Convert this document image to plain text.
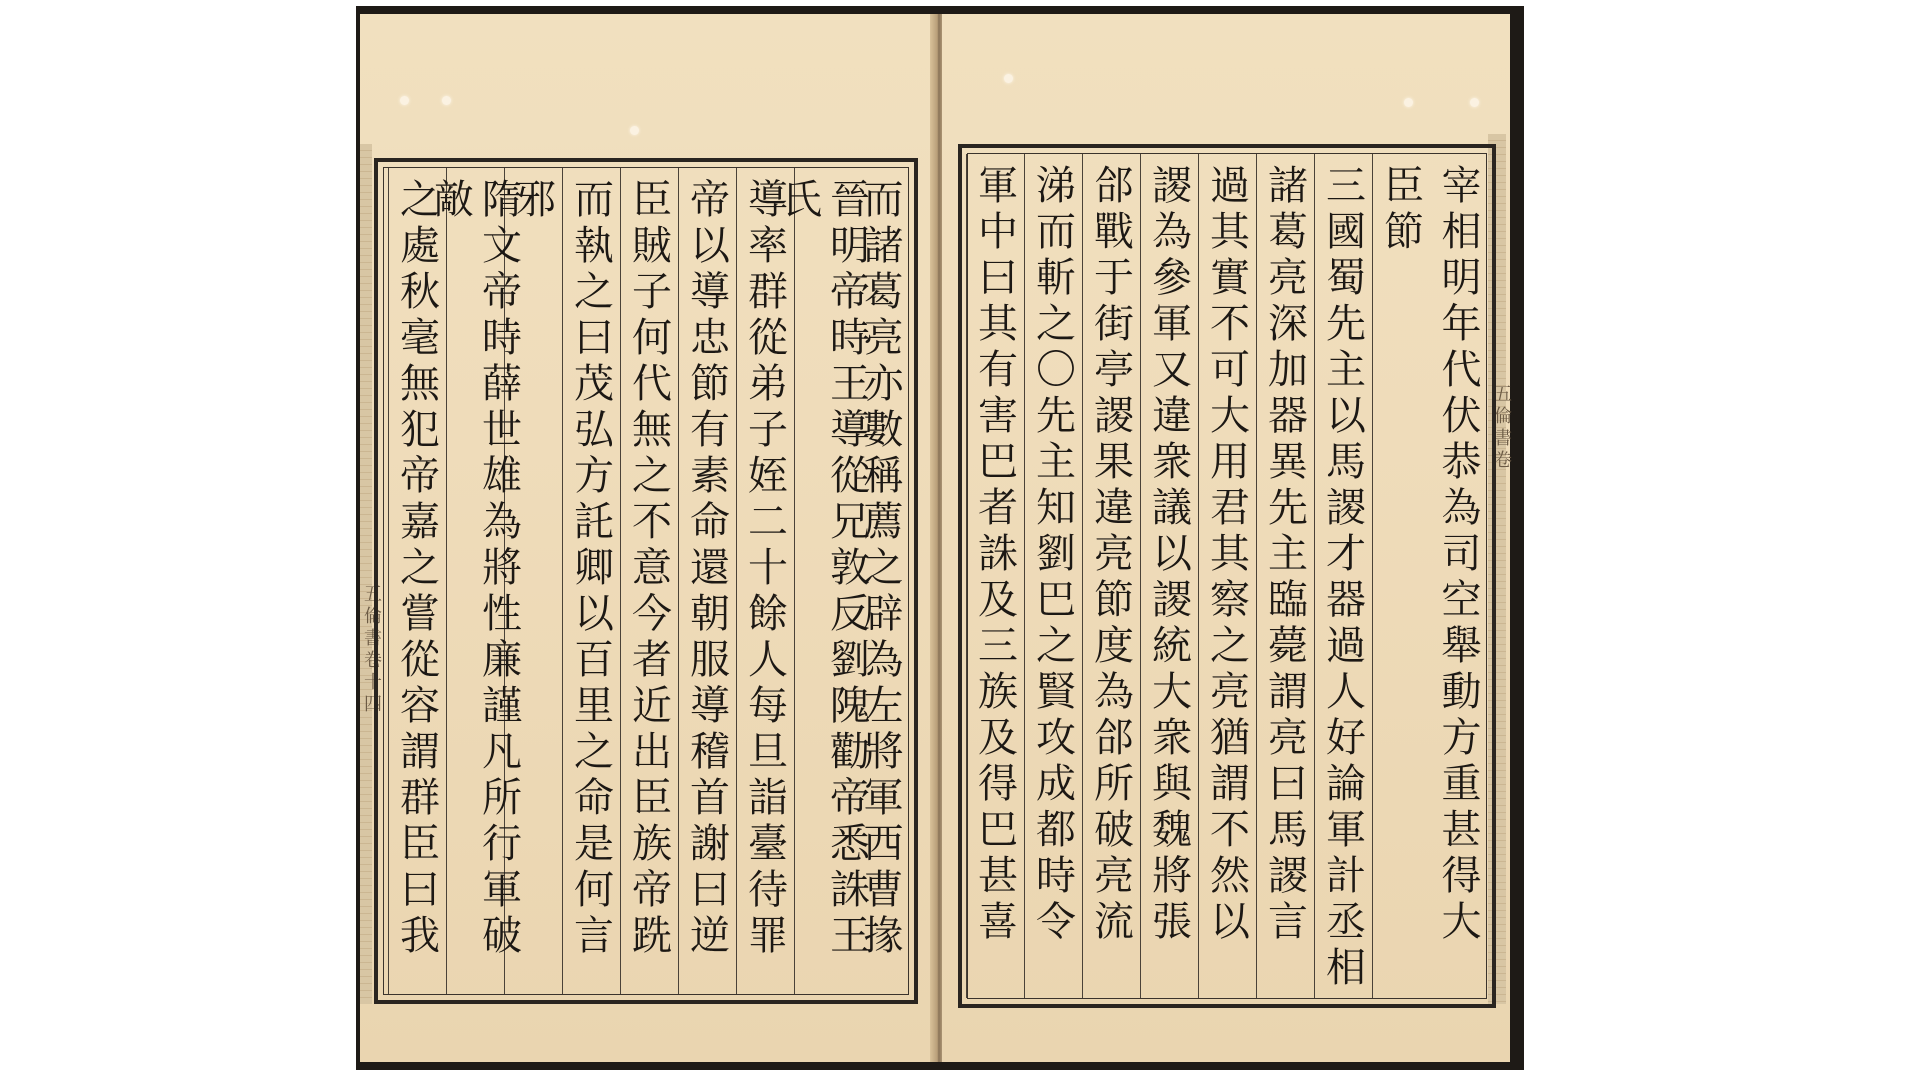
五倫書卷十四	而諸葛亮亦數稱薦之辟為左將軍西曹掾
晉明帝時王導從兄敦反劉隗勸帝悉誅王氏
導率群從弟子姪二十餘人每旦詣臺待罪
帝以導忠節有素命還朝服導稽首謝曰逆
臣賊子何代無之不意今者近出臣族帝跣
而執之曰茂弘方託卿以百里之命是何言
邪
隋文帝時薛世雄為將性廉謹凡所行軍破敵
之處秋毫無犯帝嘉之嘗從容謂群臣曰我	五倫書卷
宰相明年代伏恭為司空舉動方重甚得大
臣節
三國蜀先主以馬謖才器過人好論軍計丞相
諸葛亮深加器異先主臨薨謂亮曰馬謖言
過其實不可大用君其察之亮猶謂不然以
謖為參軍又違衆議以謖統大衆與魏將張
郃戰于街亭謖果違亮節度為郃所破亮流
涕而斬之〇先主知劉巴之賢攻成都時令
軍中曰其有害巴者誅及三族及得巴甚喜
